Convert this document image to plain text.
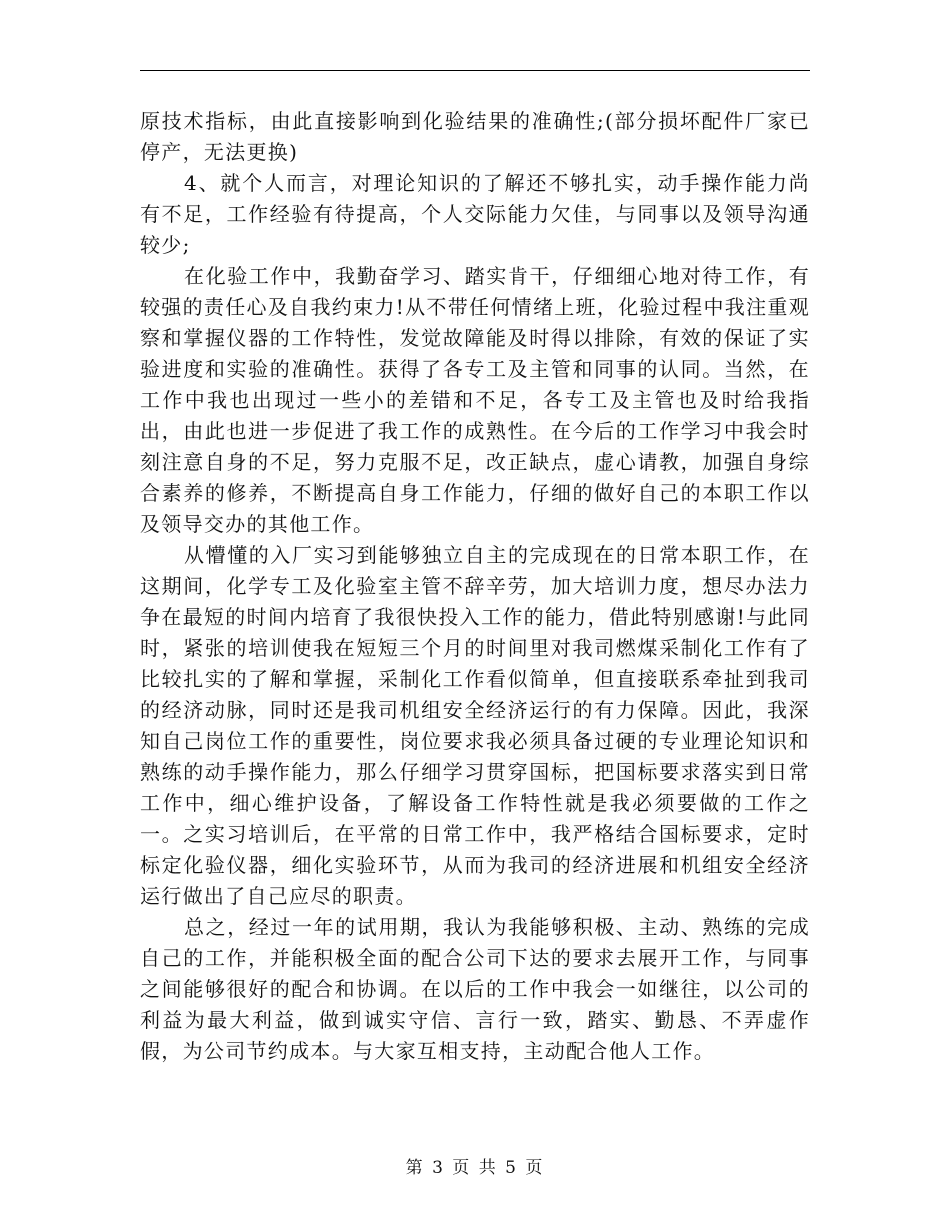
原技术指标，由此直接影响到化验结果的准确性;(部分损坏配件厂家已停产，无法更换)

4、就个人而言，对理论知识的了解还不够扎实，动手操作能力尚有不足，工作经验有待提高，个人交际能力欠佳，与同事以及领导沟通较少;

在化验工作中，我勤奋学习、踏实肯干，仔细细心地对待工作，有较强的责任心及自我约束力!从不带任何情绪上班，化验过程中我注重观察和掌握仪器的工作特性，发觉故障能及时得以排除，有效的保证了实验进度和实验的准确性。获得了各专工及主管和同事的认同。当然，在工作中我也出现过一些小的差错和不足，各专工及主管也及时给我指出，由此也进一步促进了我工作的成熟性。在今后的工作学习中我会时刻注意自身的不足，努力克服不足，改正缺点，虚心请教，加强自身综合素养的修养，不断提高自身工作能力，仔细的做好自己的本职工作以及领导交办的其他工作。

从懵懂的入厂实习到能够独立自主的完成现在的日常本职工作，在这期间，化学专工及化验室主管不辞辛劳，加大培训力度，想尽办法力争在最短的时间内培育了我很快投入工作的能力，借此特别感谢!与此同时，紧张的培训使我在短短三个月的时间里对我司燃煤采制化工作有了比较扎实的了解和掌握，采制化工作看似简单，但直接联系牵扯到我司的经济动脉，同时还是我司机组安全经济运行的有力保障。因此，我深知自己岗位工作的重要性，岗位要求我必须具备过硬的专业理论知识和熟练的动手操作能力，那么仔细学习贯穿国标，把国标要求落实到日常工作中，细心维护设备，了解设备工作特性就是我必须要做的工作之一。之实习培训后，在平常的日常工作中，我严格结合国标要求，定时标定化验仪器，细化实验环节，从而为我司的经济进展和机组安全经济运行做出了自己应尽的职责。

总之，经过一年的试用期，我认为我能够积极、主动、熟练的完成自己的工作，并能积极全面的配合公司下达的要求去展开工作，与同事之间能够很好的配合和协调。在以后的工作中我会一如继往，以公司的利益为最大利益，做到诚实守信、言行一致，踏实、勤恳、不弄虚作假，为公司节约成本。与大家互相支持，主动配合他人工作。

第 3 页 共 5 页
